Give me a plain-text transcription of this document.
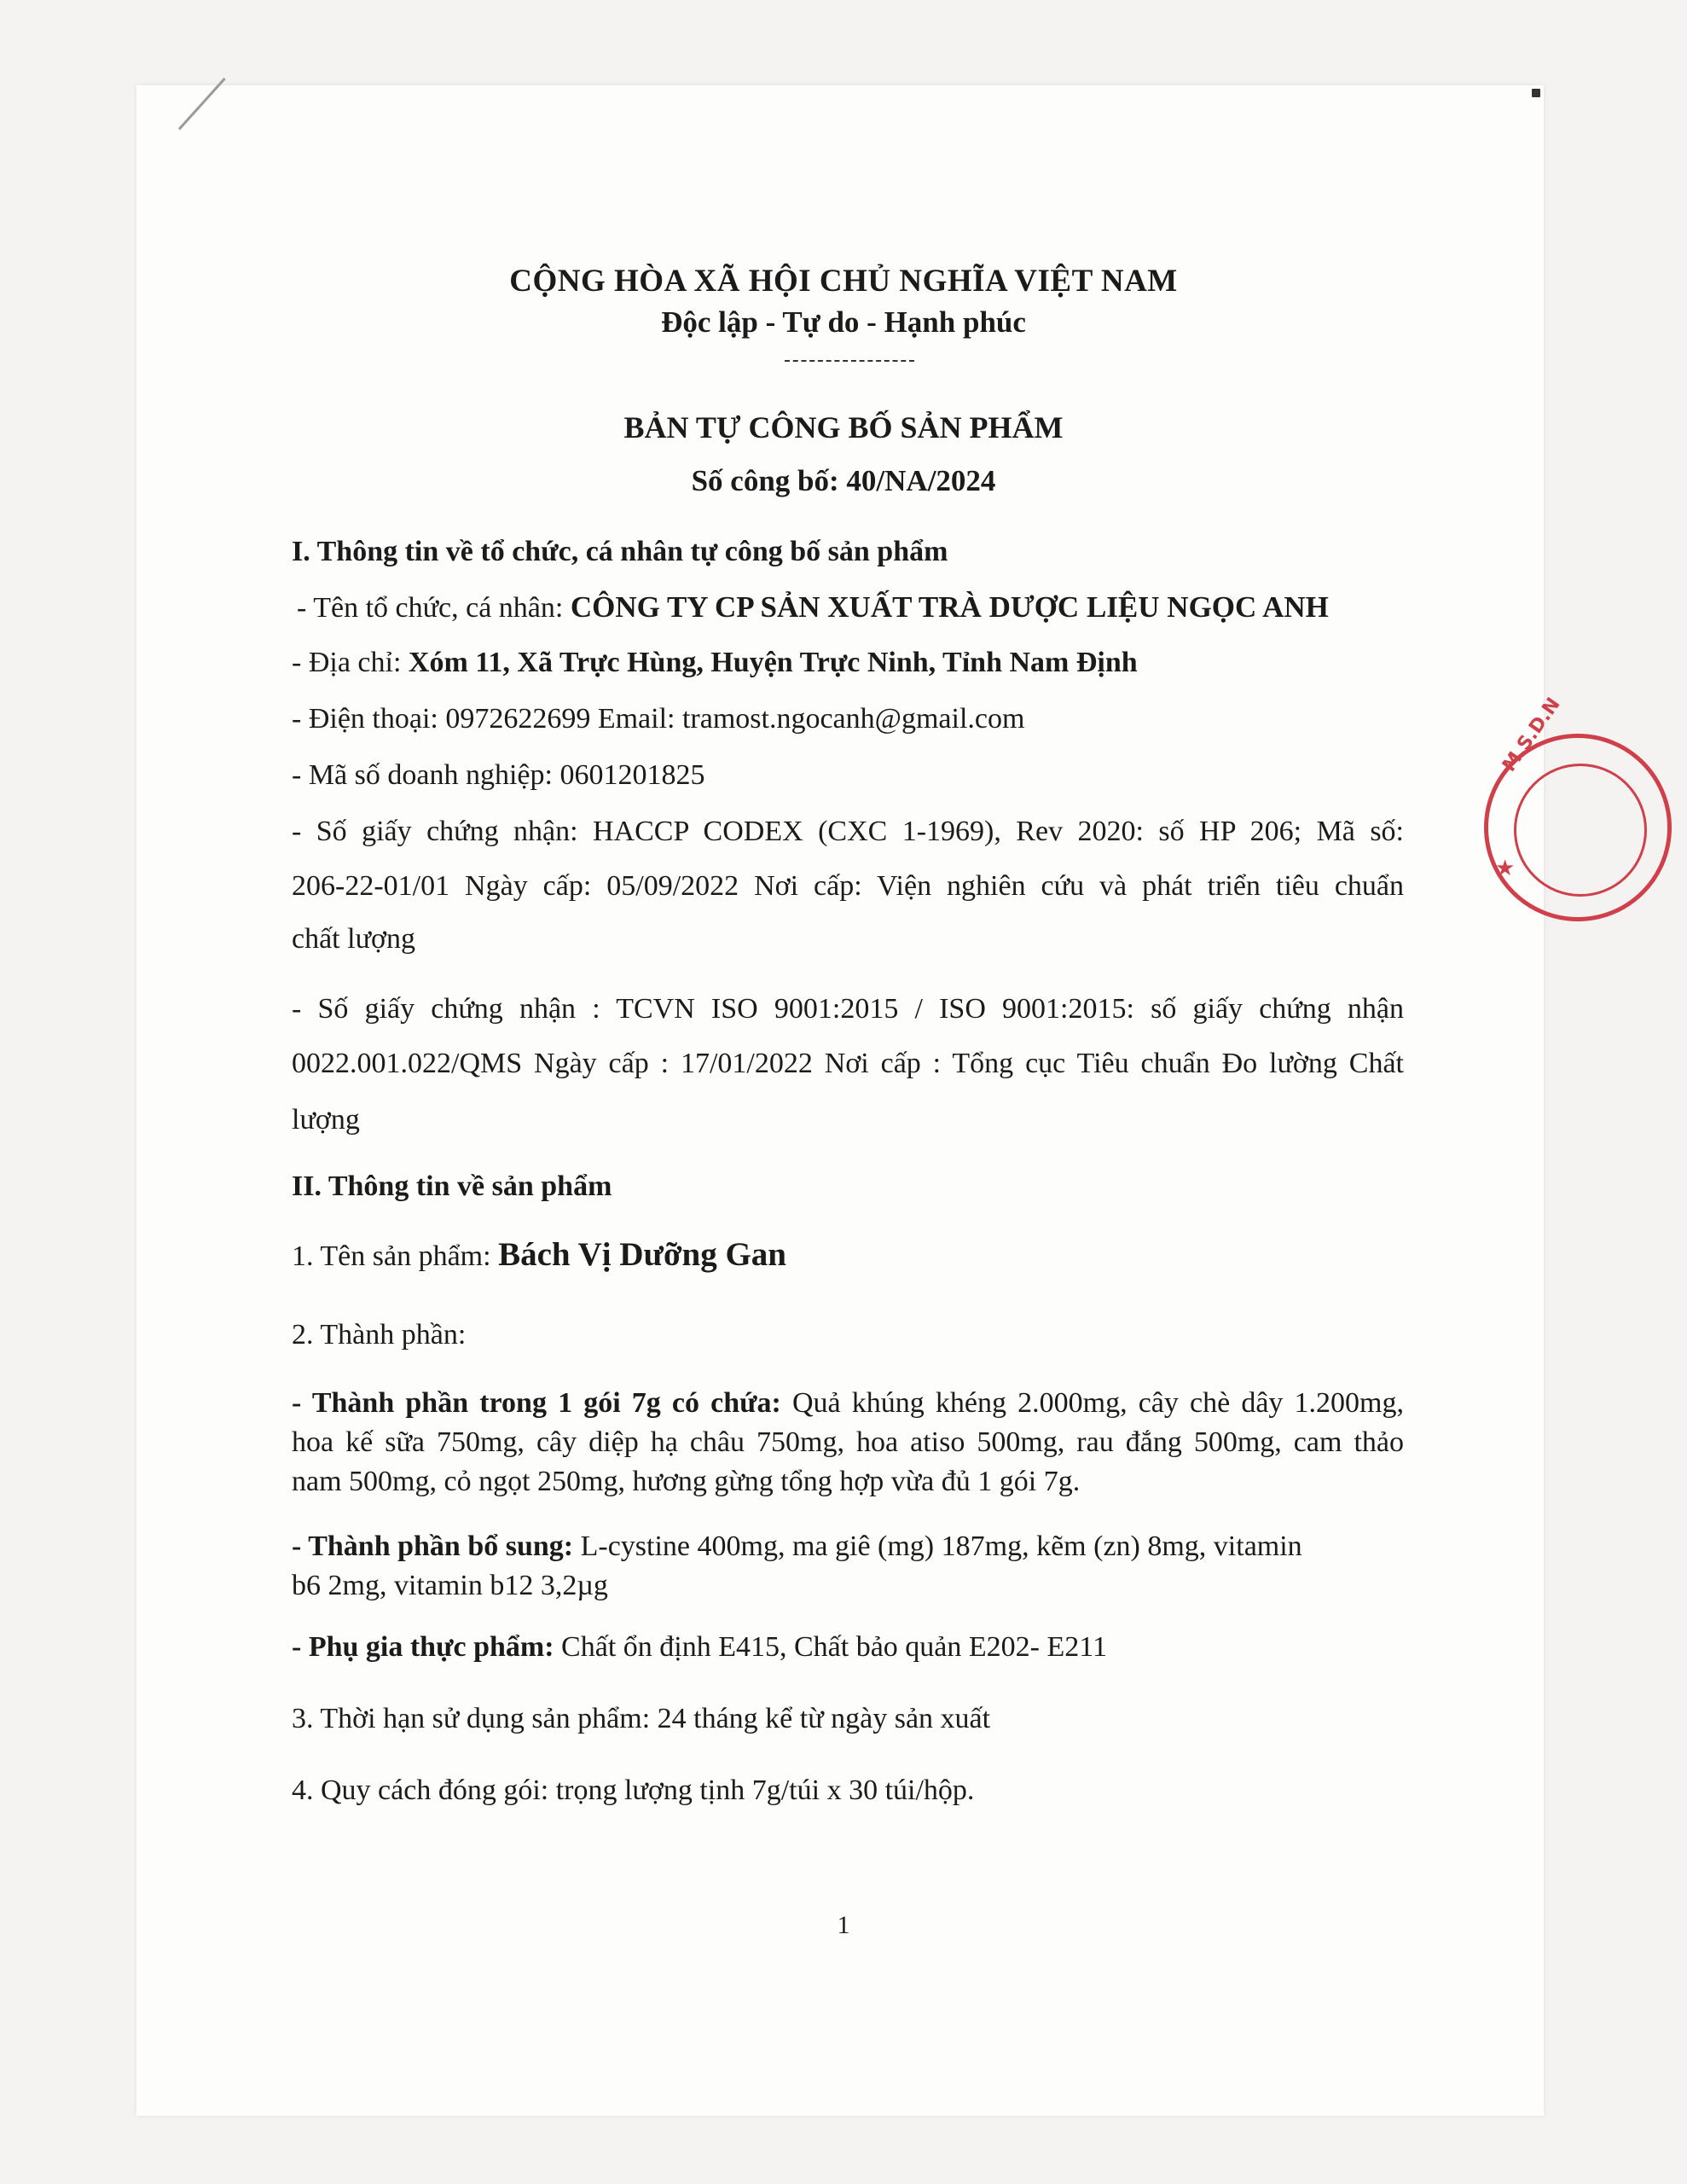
CỘNG HÒA XÃ HỘI CHỦ NGHĨA VIỆT NAM
Độc lập - Tự do - Hạnh phúc
BẢN TỰ CÔNG BỐ SẢN PHẨM
Số công bố: 40/NA/2024
I. Thông tin về tổ chức, cá nhân tự công bố sản phẩm
- Tên tổ chức, cá nhân: CÔNG TY CP SẢN XUẤT TRÀ DƯỢC LIỆU NGỌC ANH
- Địa chỉ: Xóm 11, Xã Trực Hùng, Huyện Trực Ninh, Tỉnh Nam Định
- Điện thoại: 0972622699 Email: tramost.ngocanh@gmail.com
- Mã số doanh nghiệp: 0601201825
- Số giấy chứng nhận: HACCP CODEX (CXC 1-1969), Rev 2020: số HP 206; Mã số:
206-22-01/01 Ngày cấp: 05/09/2022 Nơi cấp: Viện nghiên cứu và phát triển tiêu chuẩn
chất lượng
- Số giấy chứng nhận : TCVN ISO 9001:2015 / ISO 9001:2015: số giấy chứng nhận
0022.001.022/QMS Ngày cấp : 17/01/2022 Nơi cấp : Tổng cục Tiêu chuẩn Đo lường Chất
lượng
II. Thông tin về sản phẩm
1. Tên sản phẩm: Bách Vị Dưỡng Gan
2. Thành phần:
- Thành phần trong 1 gói 7g có chứa: Quả khúng khéng 2.000mg, cây chè dây 1.200mg,
hoa kế sữa 750mg, cây diệp hạ châu 750mg, hoa atiso 500mg, rau đắng 500mg, cam thảo
nam 500mg, cỏ ngọt 250mg, hương gừng tổng hợp vừa đủ 1 gói 7g.
- Thành phần bổ sung: L-cystine 400mg, ma giê (mg) 187mg, kẽm (zn) 8mg, vitamin
b6 2mg, vitamin b12 3,2µg
- Phụ gia thực phẩm: Chất ổn định E415, Chất bảo quản E202- E211
3. Thời hạn sử dụng sản phẩm: 24 tháng kể từ ngày sản xuất
4. Quy cách đóng gói: trọng lượng tịnh 7g/túi x 30 túi/hộp.
★
M.S.D.N
1
